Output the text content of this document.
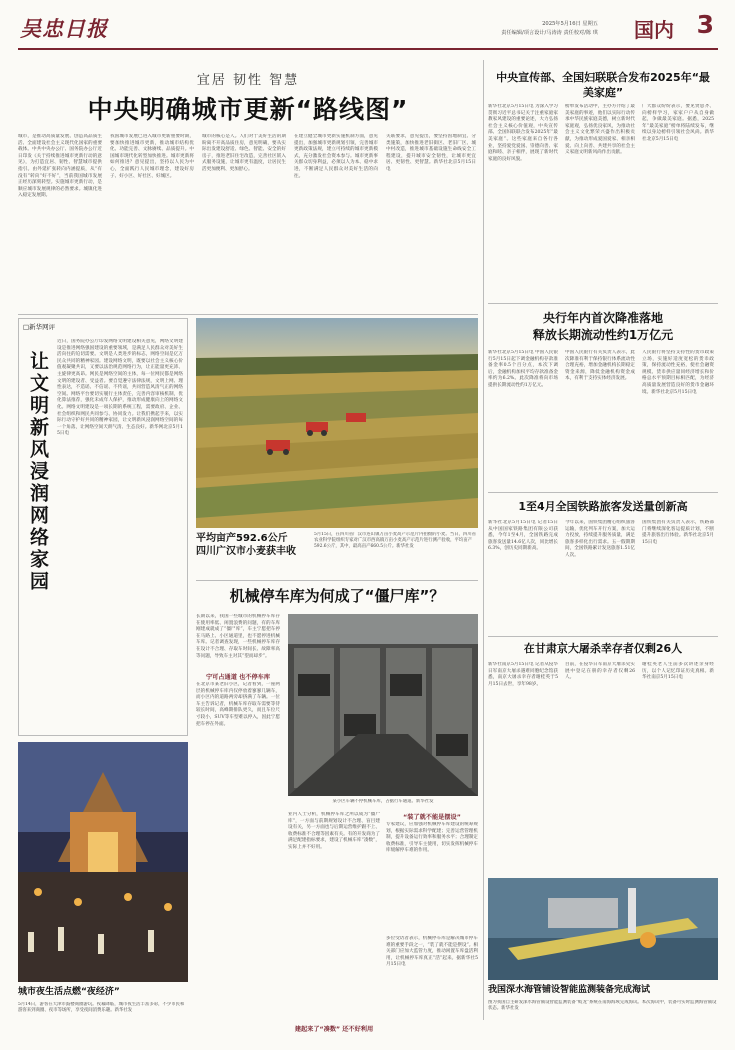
吴忠日报	2025年5月16日 星期五
责任编辑/项言设计/马涛涛 责任校对/陈 琪 国内 3
宜居 韧性 智慧
中央明确城市更新“路线图”
城市，是推动高质量发展、创造高品质生活、全面建设社会主义现代化国家的重要载体。中共中央办公厅、国务院办公厅近日印发《关于持续推进城市更新行动的意见》，为打造宜居、韧性、智慧城市提供指引。由外延扩张转向内涵提质，从“有没有”转向“好不好”，当前我国城市发展正经历深刻转型。实施城市更新行动，是顺应城市发展规律的必然要求。城镇化进入稳定发展期。
我国城市发展已进入城市更新重要时期，要加快推进城市更新，推动城市结构优化、功能完善、文脉赓续、品质提升。中国城市现代化转型加快推进。城市更新将如何推进？意见提出，坚持以人民为中心，全面践行人民城市理念，建设好房子、好小区、好社区、好城区。
城市的核心是人。人们对于美好生活的期盼离不开高品质住房，意见明确，要从实际出发建设舒适、绿色、智能、安全的好房子，推进老旧住宅改造，完善社区嵌入式服务设施，让城市更有温度，让居民生活更加便利、更加舒心。
在建立健全城市更新实施机制方面，意见提出，加强城市更新规划引领，完善城市更新政策法规，建立可持续的城市更新模式，充分激发社会资本参与。城市更新事关群众切身利益，必须以人为本、稳中求进，不断满足人民群众对美好生活的向往。
关联要求，意见提出，要坚持因地制宜、分类施策，加快推进老旧街区、老旧厂区、城中村改造，推进城市基础设施生命线安全工程建设，提升城市安全韧性，让城市更宜居、更韧性、更智慧。新华社北京5月15日电
中央宣传部、全国妇联联合发布2025年“最美家庭”
新华社北京5月15日电 为深入学习贯彻习近平总书记关于注重家庭家教家风建设的重要论述，大力弘扬社会主义核心价值观，中央宣传部、全国妇联联合发布2025年“最美家庭”。这些家庭来自各行各业，坚持爱党爱国、崇德向善、家庭和睦、亲子相伴，展现了新时代家庭的良好风貌。
榜单发布活动中，主办方介绍了最美家庭的事迹，他们以实际行动传承中华民族家庭美德，树立新时代家庭观，弘扬优良家风，为推动社会主义文化繁荣兴盛作出积极贡献，为推动形成爱国爱家、相亲相爱、向上向善、共建共享的社会主义家庭文明新风尚作出贡献。
广大群众纷纷表示，要见贤思齐、向榜样学习，家家户户从自身做起，争做最美家庭。据悉，2025年“最美家庭”榜单将陆续发布，继续以身边榜样引领社会风尚。新华社北京5月15日电
□新华网评
让文明新风浸润网络家园
近日，国务院办公厅印发网络文明建设相关意见，网络文明建设是推进网络强国建设的重要领域，是满足人民群众对美好生活向往的迫切需要。文明是人类进步的标志，网络空间是亿万民众共同的精神家园。建设网络文明，既要以社会主义核心价值观凝聚共识，又要以法治规范网络行为，让正能量更充沛、主旋律更高昂。网民是网络空间的主体，每一位网民都是网络文明的建设者、受益者。要自觉遵守法律法规，文明上网、理性表达，不造谣、不信谣、不传谣，共同营造风清气正的网络空间。网络平台要切实履行主体责任，完善内容审核机制，优化算法推荐，强化未成年人保护，推动形成健康向上的网络文化。网络文明建设是一项长期的系统工程，需要政府、企业、社会组织和网民共同参与、协同发力。让我们携起手来，以实际行动守护好共同的精神家园，让文明新风浸润网络空间的每一个角落，让网络空间天朗气清、生态良好。新华网北京5月15日电
平均亩产592.6公斤
四川广汉市小麦获丰收
5月15日，在四川省广汉市连山镇万亩小麦高产示范片内拍摄的小麦。当日，四川省农业科学院组织专家对广汉市西高镇万亩小麦高产示范片进行测产验收，平均亩产592.6公斤，其中，最高亩产660.5公斤。新华社发
央行年内首次降准落地
释放长期流动性约1万亿元
新华社北京5月15日电 中国人民银行5月15日起下调金融机构存款准备金率0.5个百分点，本次下调后，金融机构加权平均存款准备金率约为6.2%。此次降准将向市场提供长期流动性约1万亿元。
中国人民银行有关负责人表示，此次降准有利于保持银行体系流动性合理充裕，增加金融机构长期稳定资金来源，降低金融机构资金成本，有利于支持实体经济发展。
人民银行将坚持支持性的货币政策立场，实施好适度宽松的货币政策，保持流动性充裕，使社会融资规模、货币供应量同经济增长和价格总水平预期目标相匹配，为经济高质量发展营造良好的货币金融环境。新华社北京5月15日电
1至4月全国铁路旅客发送量创新高
新华社北京5月15日电 记者15日从中国国家铁路集团有限公司获悉，今年1至4月，全国铁路完成旅客发送量14.6亿人次，同比增长6.3%，创历史同期新高。
今年以来，国铁集团精心组织旅客运输，优化列车开行方案，加大运力投放，持续提升服务质量，满足旅客多样化出行需求。五一假期期间，全国铁路累计发送旅客1.51亿人次。
国铁集团有关负责人表示，铁路部门将继续深化客运提质计划，不断提升旅客出行体验。新华社北京5月15日电
在甘肃京大屠杀幸存者仅剩26人
新华社南京5月15日电 记者从侵华日军南京大屠杀遇难同胞纪念馆获悉，南京大屠杀幸存者谢桂英于5月15日去世，享年98岁。
目前，在侵华日军南京大屠杀史实展中登记在册的幸存者仅剩26人。
谢桂英老人生前多次讲述亲身经历，以个人记忆印证历史真相。新华社南京5月15日电
我国深水海管铺设智能监测装备完成海试
图为我国自主研发深水海管铺设智能监测装备“蛟龙”系统在南海海域完成海试。本次海试中，装备可实时监测海管铺设状态。新华社发
机械停车库为何成了“僵尸库”？
长期以来，我国一些城市的机械停车库存在使用率低、闲置浪费的问题，有的车库刚建成就成了“僵尸库”，车主宁愿把车停在马路上、小区通道里，也不愿停进机械车库。记者调查发现，一些机械停车库存在设计不合理、存取车时间长、故障率高等问题，导致车主对其“望而却步”。
宁可占通道 也不停车库
在北京市某老旧小区，记者看到，一座两层的机械停车库内仅停放着寥寥几辆车，而小区内的道路两旁却挤满了车辆。一位车主告诉记者，机械车库存取车需要等待较长时间，高峰期排队更久，而且车位尺寸较小，SUV等车型难以停入，因此宁愿把车停在外面。
某小区车辆不停机械车库，占据行车通道。新华社发
业内人士分析，机械停车库之所以成为“僵尸库”，一方面与前期规划设计不合理、盲目建设有关，另一方面也与后期运营维护跟不上、收费标准不合理等因素有关。有的开发商为了满足配建指标要求，建设了机械车库“凑数”，实际上并不好用。
“装了就不能是摆设”
专家建议，应加强对机械停车库建设的统筹规划，根据实际需求科学配建；完善运营管理机制，提升设备运行效率和服务水平；合理制定收费标准，引导车主使用，切实发挥机械停车库缓解停车难的作用。
建起来了“凑数” 还不好利用
多位受访者表示，机械停车库是解决城市停车难的重要手段之一，“装了就不能是摆设”。相关部门应加大监管力度，推动闲置车库盘活利用，让机械停车库真正“活”起来。据新华社5月15日电
城市夜生活点燃“夜经济”
5月14日，游客在天津市鼓楼商圈游玩。夜幕降临，城市夜生活丰富多彩，不少市民和游客来到商圈、夜市等场所，享受夜间消费乐趣。新华社发
